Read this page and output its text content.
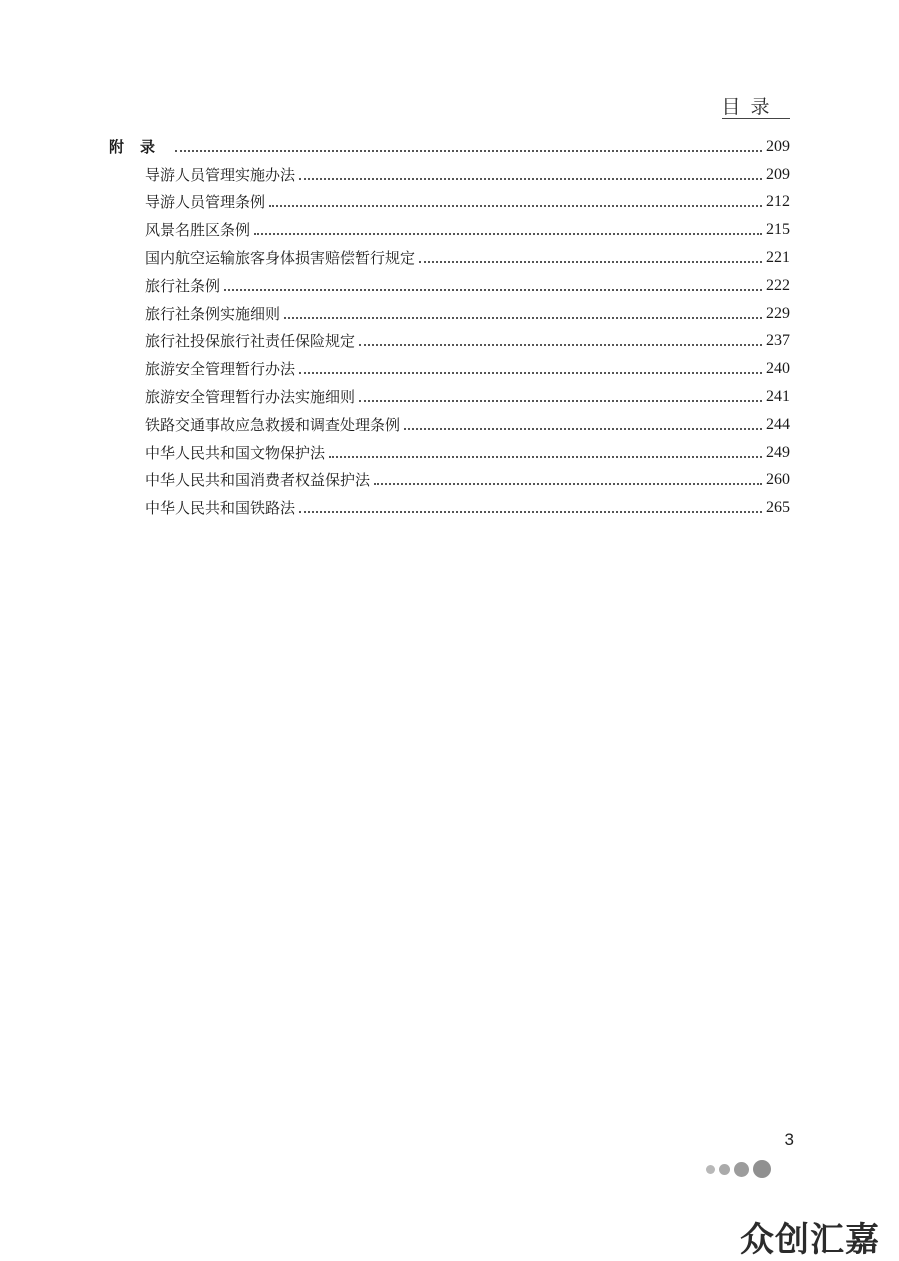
目录
附录	209
导游人员管理实施办法	209
导游人员管理条例	212
风景名胜区条例	215
国内航空运输旅客身体损害赔偿暂行规定	221
旅行社条例	222
旅行社条例实施细则	229
旅行社投保旅行社责任保险规定	237
旅游安全管理暂行办法	240
旅游安全管理暂行办法实施细则	241
铁路交通事故应急救援和调查处理条例	244
中华人民共和国文物保护法	249
中华人民共和国消费者权益保护法	260
中华人民共和国铁路法	265
3
众创汇嘉
